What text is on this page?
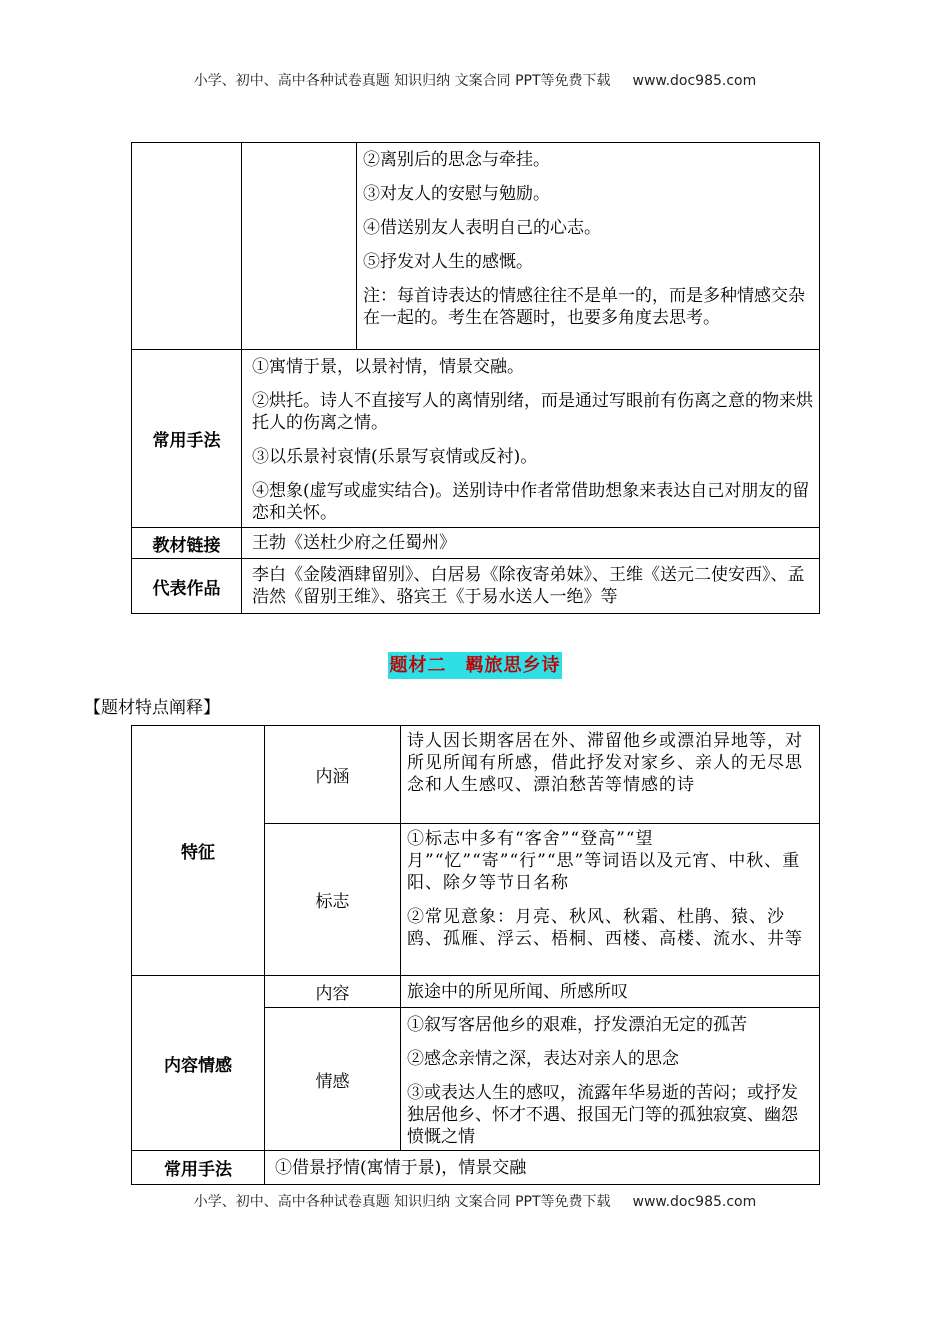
小学、初中、高中各种试卷真题 知识归纳 文案合同 PPT等免费下载 www.doc985.com

		②离别后的思念与牵挂。
③对友人的安慰与勉励。
④借送别友人表明自己的心志。
⑤抒发对人生的感慨。
注：每首诗表达的情感往往不是单一的，而是多种情感交杂在一起的。考生在答题时，也要多角度去思考。

常用手法	①寓情于景，以景衬情，情景交融。
②烘托。诗人不直接写人的离情别绪，而是通过写眼前有伤离之意的物来烘托人的伤离之情。
③以乐景衬哀情(乐景写哀情或反衬)。
④想象(虚写或虚实结合)。送别诗中作者常借助想象来表达自己对朋友的留恋和关怀。	

教材链接	王勃《送杜少府之任蜀州》	

代表作品	李白《金陵酒肆留别》、白居易《除夜寄弟妹》、王维《送元二使安西》、孟浩然《留别王维》、骆宾王《于易水送人一绝》等	
题材二　羁旅思乡诗
【题材特点阐释】
特征	内涵	诗人因长期客居在外、滞留他乡或漂泊异地等，对所见所闻有所感，借此抒发对家乡、亲人的无尽思念和人生感叹、漂泊愁苦等情感的诗

	标志	①标志中多有“客舍”“登高”“望月”“忆”“寄”“行”“思”等词语以及元宵、中秋、重阳、除夕等节日名称
②常见意象：月亮、秋风、秋霜、杜鹃、猿、沙鸥、孤雁、浮云、梧桐、西楼、高楼、流水、井等

内容情感	内容	旅途中的所见所闻、所感所叹

	情感	①叙写客居他乡的艰难，抒发漂泊无定的孤苦
②感念亲情之深，表达对亲人的思念
③或表达人生的感叹，流露年华易逝的苦闷；或抒发独居他乡、怀才不遇、报国无门等的孤独寂寞、幽怨愤慨之情

常用手法	①借景抒情(寓情于景)，情景交融	
小学、初中、高中各种试卷真题 知识归纳 文案合同 PPT等免费下载 www.doc985.com
